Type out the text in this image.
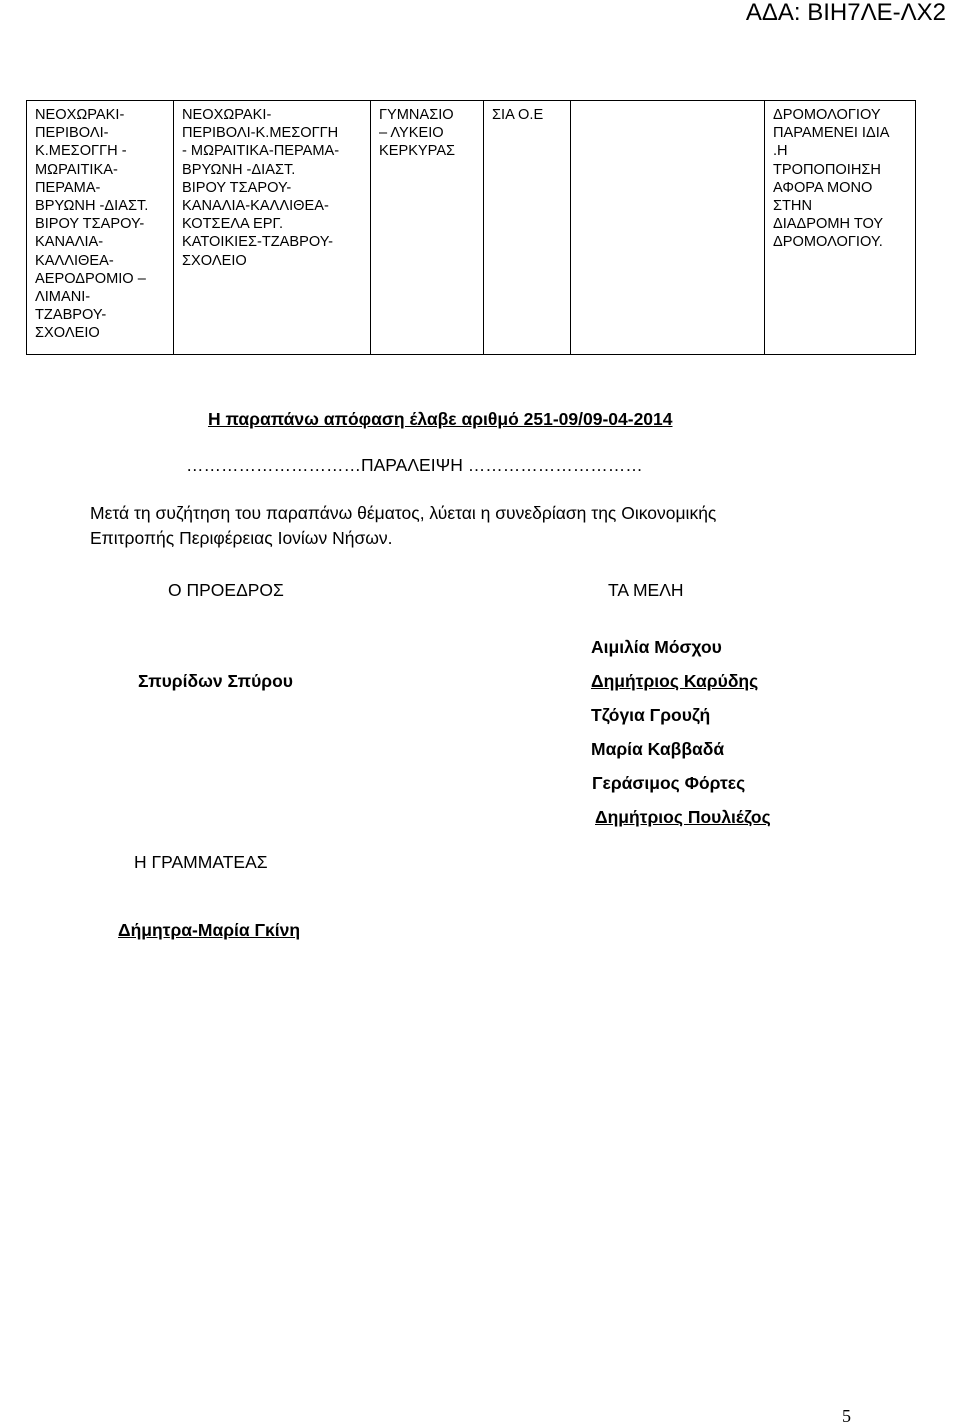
ΑΔΑ: ΒΙΗ7ΛΕ-ΛΧ2
ΝΕΟΧΩΡΑΚΙ-
ΠΕΡΙΒΟΛΙ-
Κ.ΜΕΣΟΓΓΗ -
ΜΩΡΑΙΤΙΚΑ-
ΠΕΡΑΜΑ-
ΒΡΥΩΝΗ -ΔΙΑΣΤ.
ΒΙΡΟΥ ΤΣΑΡΟΥ-
ΚΑΝΑΛΙΑ-
ΚΑΛΛΙΘΕΑ-
ΑΕΡΟΔΡΟΜΙΟ –
ΛΙΜΑΝΙ-
ΤΖΑΒΡΟΥ-
ΣΧΟΛΕΙΟ

ΝΕΟΧΩΡΑΚΙ-
ΠΕΡΙΒΟΛΙ-Κ.ΜΕΣΟΓΓΗ
- ΜΩΡΑΙΤΙΚΑ-ΠΕΡΑΜΑ-
ΒΡΥΩΝΗ -ΔΙΑΣΤ.
ΒΙΡΟΥ ΤΣΑΡΟΥ-
ΚΑΝΑΛΙΑ-ΚΑΛΛΙΘΕΑ-
ΚΟΤΣΕΛΑ ΕΡΓ.
ΚΑΤΟΙΚΙΕΣ-ΤΖΑΒΡΟΥ-
ΣΧΟΛΕΙΟ

ΓΥΜΝΑΣΙΟ
– ΛΥΚΕΙΟ
ΚΕΡΚΥΡΑΣ

ΣΙΑ Ο.Ε		ΔΡΟΜΟΛΟΓΙΟΥ
ΠΑΡΑΜΕΝΕΙ ΙΔΙΑ
.Η
ΤΡΟΠΟΠΟΙΗΣΗ
ΑΦΟΡΑ ΜΟΝΟ
ΣΤΗΝ
ΔΙΑΔΡΟΜΗ ΤΟΥ
ΔΡΟΜΟΛΟΓΙΟΥ.
Η παραπάνω απόφαση έλαβε αριθμό 251-09/09-04-2014
…………………………ΠΑΡΑΛΕΙΨΗ …………………………
Μετά τη συζήτηση του παραπάνω θέματος, λύεται η συνεδρίαση της Οικονομικής
Επιτροπής Περιφέρειας Ιονίων Νήσων.
Ο ΠΡΟΕΔΡΟΣ	ΤΑ ΜΕΛΗ
Σπυρίδων Σπύρου
Αιμιλία Μόσχου
Δημήτριος Καρύδης
Τζόγια Γρουζή
Μαρία Καββαδά
Γεράσιμος Φόρτες
Δημήτριος Πουλιέζος
Η ΓΡΑΜΜΑΤΕΑΣ
Δήμητρα-Μαρία Γκίνη
5
